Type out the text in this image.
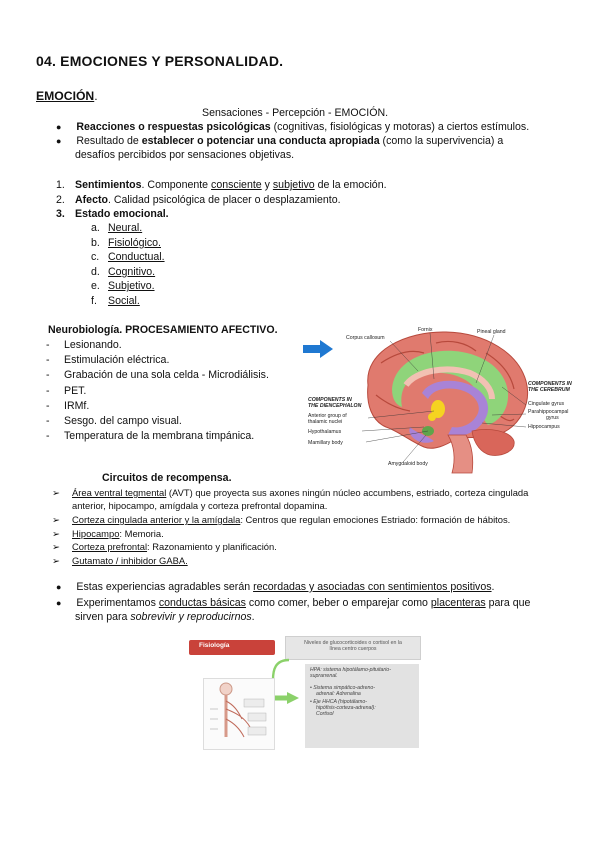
04. EMOCIONES Y PERSONALIDAD.
EMOCIÓN.
Sensaciones - Percepción - EMOCIÓN.
● Reacciones o respuestas psicológicas (cognitivas, fisiológicas y motoras) a ciertos estímulos.
● Resultado de establecer o potenciar una conducta apropiada (como la supervivencia) a
desafíos percibidos por sensaciones objetivas.
1. Sentimientos. Componente consciente y subjetivo de la emoción.
2. Afecto. Calidad psicológica de placer o desplazamiento.
3. Estado emocional.
a. Neural.
b. Fisiológico.
c. Conductual.
d. Cognitivo.
e. Subjetivo.
f. Social.
Neurobiología. PROCESAMIENTO AFECTIVO.
- Lesionando.
- Estimulación eléctrica.
- Grabación de una sola celda - Microdiálisis.
- PET.
- IRMf.
- Sesgo. del campo visual.
- Temperatura de la membrana timpánica.
Fornix
Corpus callosum
Pineal gland
COMPONENTS IN
THE CEREBRUM
Cingulate gyrus
Parahippocampal
gyrus
Hippocampus
COMPONENTS IN
THE DIENCEPHALON
Anterior group of
thalamic nuclei
Hypothalamus
Mamillary body
Amygdaloid body
Circuitos de recompensa.
➢ Área ventral tegmental (AVT) que proyecta sus axones ningún núcleo accumbens, estriado, corteza cingulada
anterior, hipocampo, amígdala y corteza prefrontal dopamina.
➢ Corteza cingulada anterior y la amígdala: Centros que regulan emociones Estriado: formación de hábitos.
➢ Hipocampo: Memoria.
➢ Corteza prefrontal: Razonamiento y planificación.
➢ Gutamato / inhibidor GABA.
● Estas experiencias agradables serán recordadas y asociadas con sentimientos positivos.
● Experimentamos conductas básicas como comer, beber o emparejar como placenteras para que
sirven para sobrevivir y reproducirnos.
Fisiología	Niveles de glucocorticoides o cortisol en la
línea centro cuerpos
HPA: sistema hipotálamo-pituitario-
suprarrenal.
• Sistema simpático-adreno-
adrenal: Adrenalina
• Eje HHCA (hipotálamo-
hipófisis-corteza-adrenal):
Cortisol
